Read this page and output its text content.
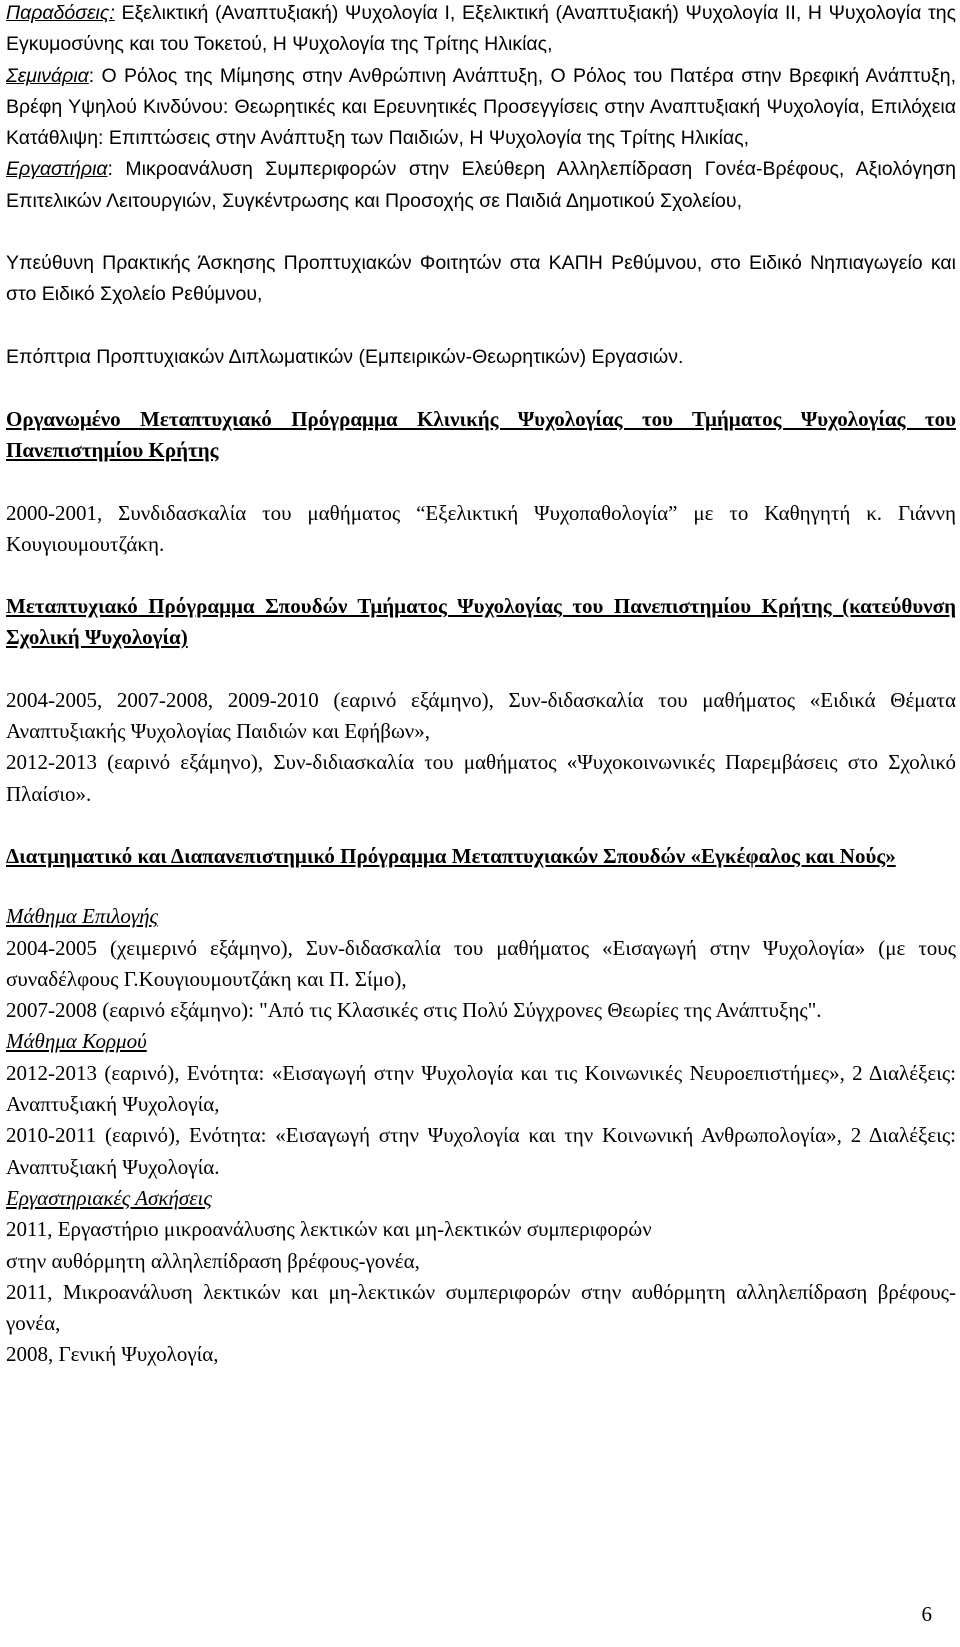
Παραδόσεις: Εξελικτική (Αναπτυξιακή) Ψυχολογία Ι, Εξελικτική (Αναπτυξιακή) Ψυχολογία ΙΙ, Η Ψυχολογία της Εγκυμοσύνης και του Τοκετού, Η Ψυχολογία της Τρίτης Ηλικίας,

Σεμινάρια: Ο Ρόλος της Μίμησης στην Ανθρώπινη Ανάπτυξη, Ο Ρόλος του Πατέρα στην Βρεφική Ανάπτυξη, Βρέφη Υψηλού Κινδύνου: Θεωρητικές και Ερευνητικές Προσεγγίσεις στην Αναπτυξιακή Ψυχολογία, Επιλόχεια Κατάθλιψη: Επιπτώσεις στην Ανάπτυξη των Παιδιών, Η Ψυχολογία της Τρίτης Ηλικίας,

Εργαστήρια: Μικροανάλυση Συμπεριφορών στην Ελεύθερη Αλληλεπίδραση Γονέα-Βρέφους, Αξιολόγηση Επιτελικών Λειτουργιών, Συγκέντρωσης και Προσοχής σε Παιδιά Δημοτικού Σχολείου,

Υπεύθυνη Πρακτικής Άσκησης Προπτυχιακών Φοιτητών στα ΚΑΠΗ Ρεθύμνου, στο Ειδικό Νηπιαγωγείο και στο Ειδικό Σχολείο Ρεθύμνου,

Επόπτρια Προπτυχιακών Διπλωματικών (Εμπειρικών-Θεωρητικών) Εργασιών.

Οργανωμένο Μεταπτυχιακό Πρόγραμμα Κλινικής Ψυχολογίας του Τμήματος Ψυχολογίας του Πανεπιστημίου Κρήτης

2000-2001, Συνδιδασκαλία του μαθήματος “Εξελικτική Ψυχοπαθολογία” με το Καθηγητή κ. Γιάννη Κουγιουμουτζάκη.

Μεταπτυχιακό Πρόγραμμα Σπουδών Τμήματος Ψυχολογίας του Πανεπιστημίου Κρήτης (κατεύθυνση Σχολική Ψυχολογία)

2004-2005, 2007-2008, 2009-2010 (εαρινό εξάμηνο), Συν-διδασκαλία του μαθήματος «Ειδικά Θέματα Αναπτυξιακής Ψυχολογίας Παιδιών και Εφήβων»,

2012-2013 (εαρινό εξάμηνο), Συν-διδιασκαλία του μαθήματος «Ψυχοκοινωνικές Παρεμβάσεις στο Σχολικό Πλαίσιο».

Διατμηματικό και Διαπανεπιστημικό Πρόγραμμα Μεταπτυχιακών Σπουδών «Εγκέφαλος και Νούς»

Μάθημα Επιλογής

2004-2005 (χειμερινό εξάμηνο), Συν-διδασκαλία του μαθήματος «Εισαγωγή στην Ψυχολογία» (με τους συναδέλφους Γ.Κουγιουμουτζάκη και Π. Σίμο),

2007-2008 (εαρινό εξάμηνο): "Από τις Κλασικές στις Πολύ Σύγχρονες Θεωρίες της Ανάπτυξης".

Μάθημα Κορμού

2012-2013 (εαρινό), Ενότητα: «Εισαγωγή στην Ψυχολογία και τις Κοινωνικές Νευροεπιστήμες», 2 Διαλέξεις: Αναπτυξιακή Ψυχολογία,

2010-2011 (εαρινό), Ενότητα: «Εισαγωγή στην Ψυχολογία και την Κοινωνική Ανθρωπολογία», 2 Διαλέξεις: Αναπτυξιακή Ψυχολογία.

Εργαστηριακές Ασκήσεις

2011, Εργαστήριο μικροανάλυσης λεκτικών και μη-λεκτικών συμπεριφορών
στην αυθόρμητη αλληλεπίδραση βρέφους-γονέα,

2011, Μικροανάλυση λεκτικών και μη-λεκτικών συμπεριφορών στην αυθόρμητη αλληλεπίδραση βρέφους-γονέα,

2008, Γενική Ψυχολογία,

6
